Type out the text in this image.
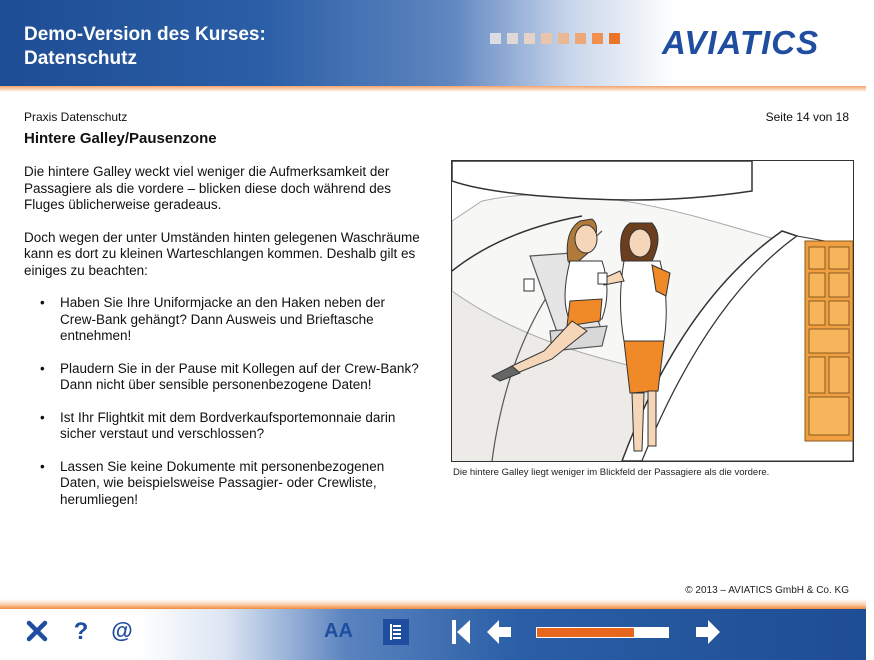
Demo-Version des Kurses:
Datenschutz	AVIATICS
Praxis Datenschutz	Seite 14 von 18
Hintere Galley/Pausenzone

Die hintere Galley weckt viel weniger die Aufmerksamkeit der Passagiere als die vordere – blicken diese doch während des Fluges üblicherweise geradeaus.

Doch wegen der unter Umständen hinten gelegenen Waschräume kann es dort zu kleinen Warteschlangen kommen. Deshalb gilt es einiges zu beachten:

• Haben Sie Ihre Uniformjacke an den Haken neben der Crew-Bank gehängt? Dann Ausweis und Brieftasche entnehmen!
• Plaudern Sie in der Pause mit Kollegen auf der Crew-Bank? Dann nicht über sensible personenbezogene Daten!
• Ist Ihr Flightkit mit dem Bordverkaufsportemonnaie darin sicher verstaut und verschlossen?
• Lassen Sie keine Dokumente mit personenbezogenen Daten, wie beispielsweise Passagier- oder Crewliste, herumliegen!
Die hintere Galley liegt weniger im Blickfeld der Passagiere als die vordere.
© 2013 – AVIATICS GmbH & Co. KG
? @	AA
